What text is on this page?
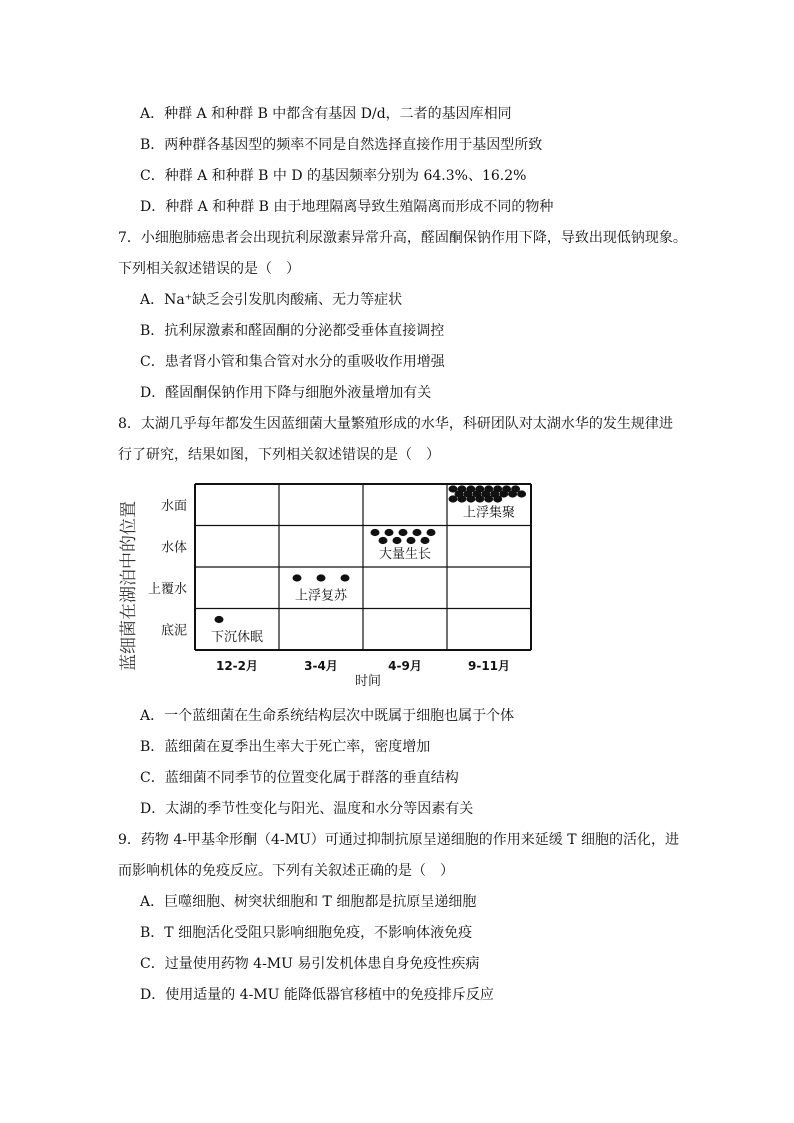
A．种群 A 和种群 B 中都含有基因 D/d，二者的基因库相同
B．两种群各基因型的频率不同是自然选择直接作用于基因型所致
C．种群 A 和种群 B 中 D 的基因频率分别为 64.3%、16.2%
D．种群 A 和种群 B 由于地理隔离导致生殖隔离而形成不同的物种
7．小细胞肺癌患者会出现抗利尿激素异常升高，醛固酮保钠作用下降，导致出现低钠现象。
下列相关叙述错误的是（　）
A．Na⁺缺乏会引发肌肉酸痛、无力等症状
B．抗利尿激素和醛固酮的分泌都受垂体直接调控
C．患者肾小管和集合管对水分的重吸收作用增强
D．醛固酮保钠作用下降与细胞外液量增加有关
8．太湖几乎每年都发生因蓝细菌大量繁殖形成的水华，科研团队对太湖水华的发生规律进
行了研究，结果如图，下列相关叙述错误的是（　）
水面
水体
上覆水
底泥
12-2月	3-4月	4-9月	9-11月
下沉休眠
上浮复苏
大量生长
上浮集聚
蓝细菌在湖泊中的位置
时间
A．一个蓝细菌在生命系统结构层次中既属于细胞也属于个体
B．蓝细菌在夏季出生率大于死亡率，密度增加
C．蓝细菌不同季节的位置变化属于群落的垂直结构
D．太湖的季节性变化与阳光、温度和水分等因素有关
9．药物 4-甲基伞形酮（4-MU）可通过抑制抗原呈递细胞的作用来延缓 T 细胞的活化，进
而影响机体的免疫反应。下列有关叙述正确的是（　）
A．巨噬细胞、树突状细胞和 T 细胞都是抗原呈递细胞
B．T 细胞活化受阻只影响细胞免疫，不影响体液免疫
C．过量使用药物 4-MU 易引发机体患自身免疫性疾病
D．使用适量的 4-MU 能降低器官移植中的免疫排斥反应
